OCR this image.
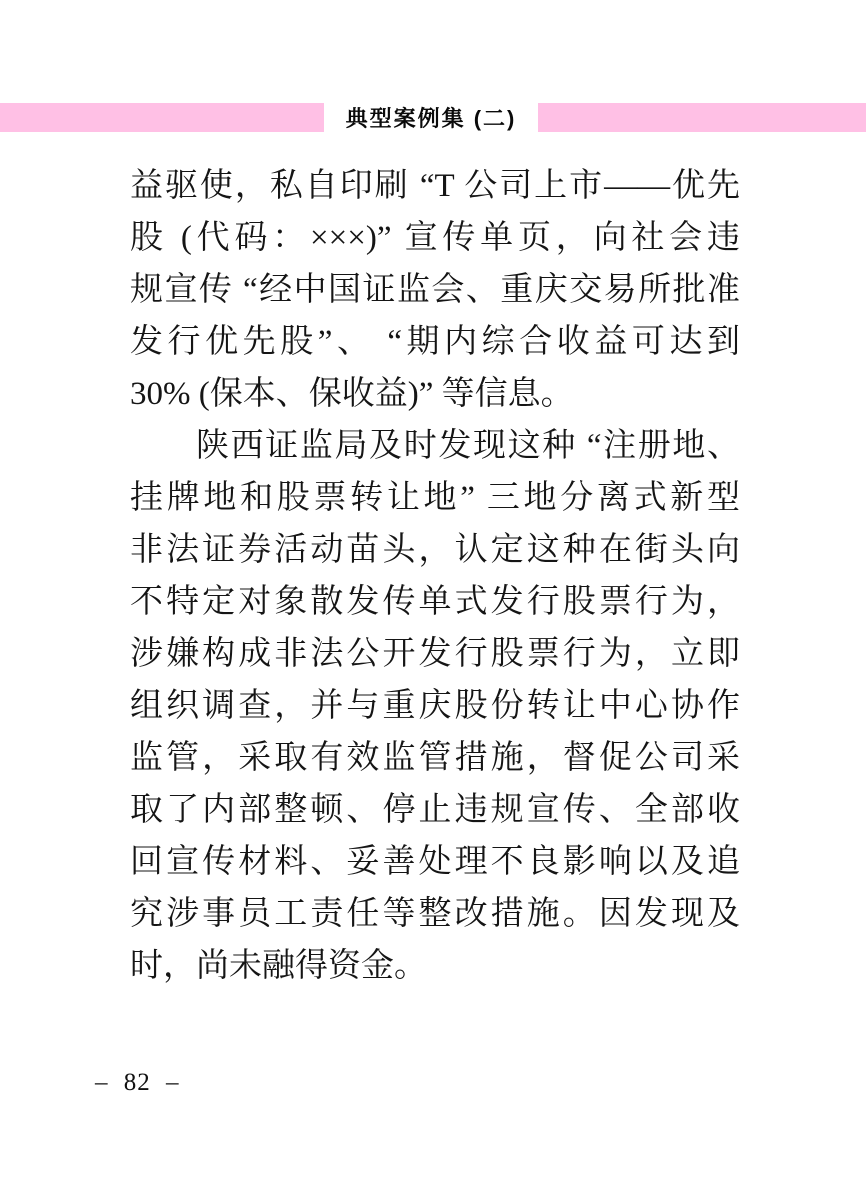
典型案例集 (二)
益驱使，私自印刷 “T 公司上市——优先
股 (代码：×××)” 宣传单页，向社会违
规宣传 “经中国证监会、重庆交易所批准
发行优先股”、 “期内综合收益可达到
30% (保本、保收益)” 等信息。
陕西证监局及时发现这种 “注册地、
挂牌地和股票转让地” 三地分离式新型
非法证券活动苗头，认定这种在街头向
不特定对象散发传单式发行股票行为，
涉嫌构成非法公开发行股票行为，立即
组织调查，并与重庆股份转让中心协作
监管，采取有效监管措施，督促公司采
取了内部整顿、停止违规宣传、全部收
回宣传材料、妥善处理不良影响以及追
究涉事员工责任等整改措施。因发现及
时，尚未融得资金。
– 82 –
